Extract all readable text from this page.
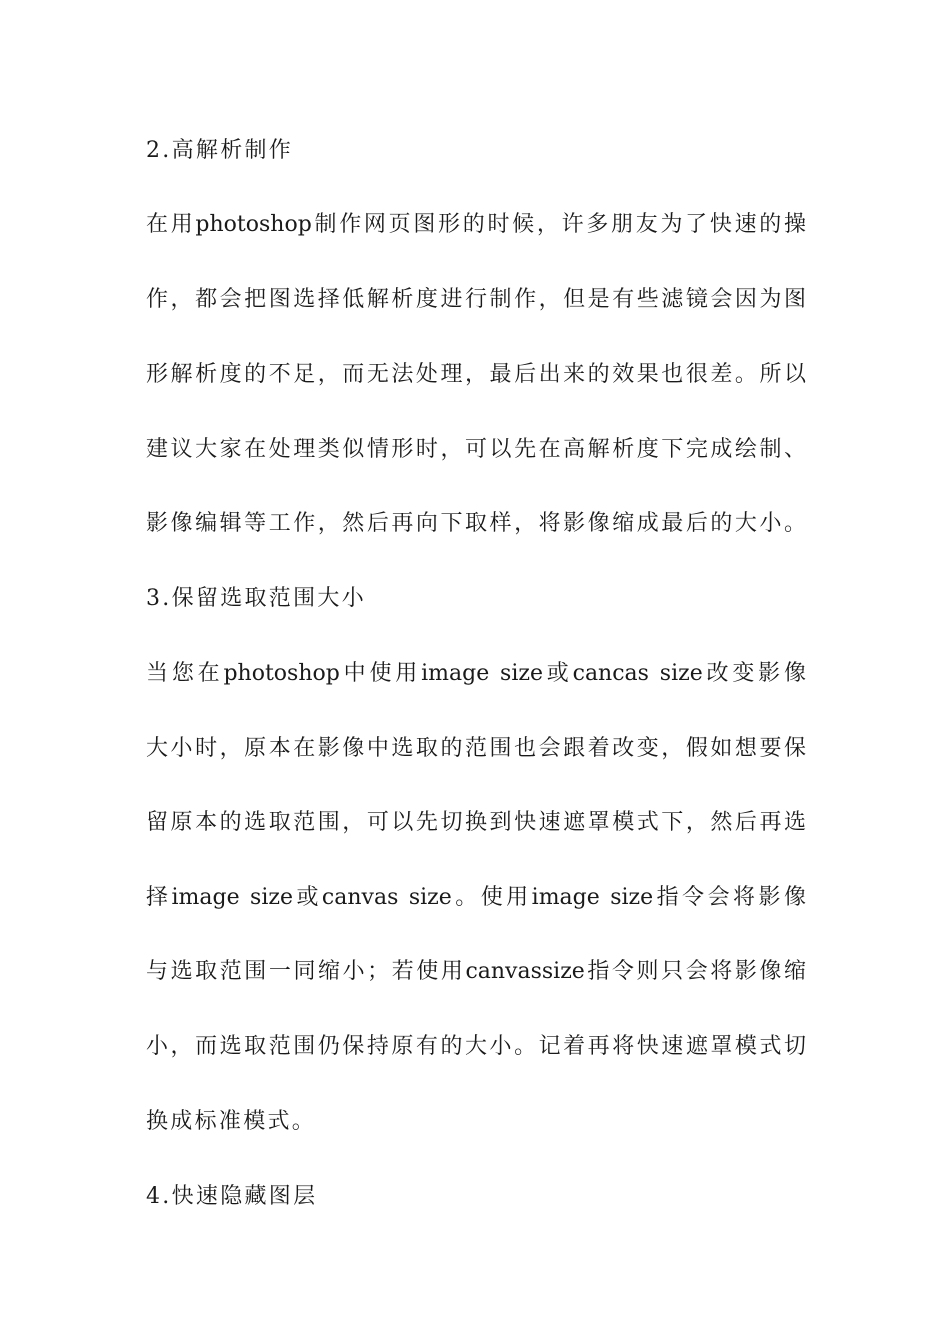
2.高解析制作
在用photoshop制作网页图形的时候，许多朋友为了快速的操
作，都会把图选择低解析度进行制作，但是有些滤镜会因为图
形解析度的不足，而无法处理，最后出来的效果也很差。所以
建议大家在处理类似情形时，可以先在高解析度下完成绘制、
影像编辑等工作，然后再向下取样，将影像缩成最后的大小。
3.保留选取范围大小
当您在photoshop中使用image size或cancas size改变影像
大小时，原本在影像中选取的范围也会跟着改变，假如想要保
留原本的选取范围，可以先切换到快速遮罩模式下，然后再选
择image size或canvas size。使用image size指令会将影像
与选取范围一同缩小；若使用canvassize指令则只会将影像缩
小，而选取范围仍保持原有的大小。记着再将快速遮罩模式切
换成标准模式。
4.快速隐藏图层
